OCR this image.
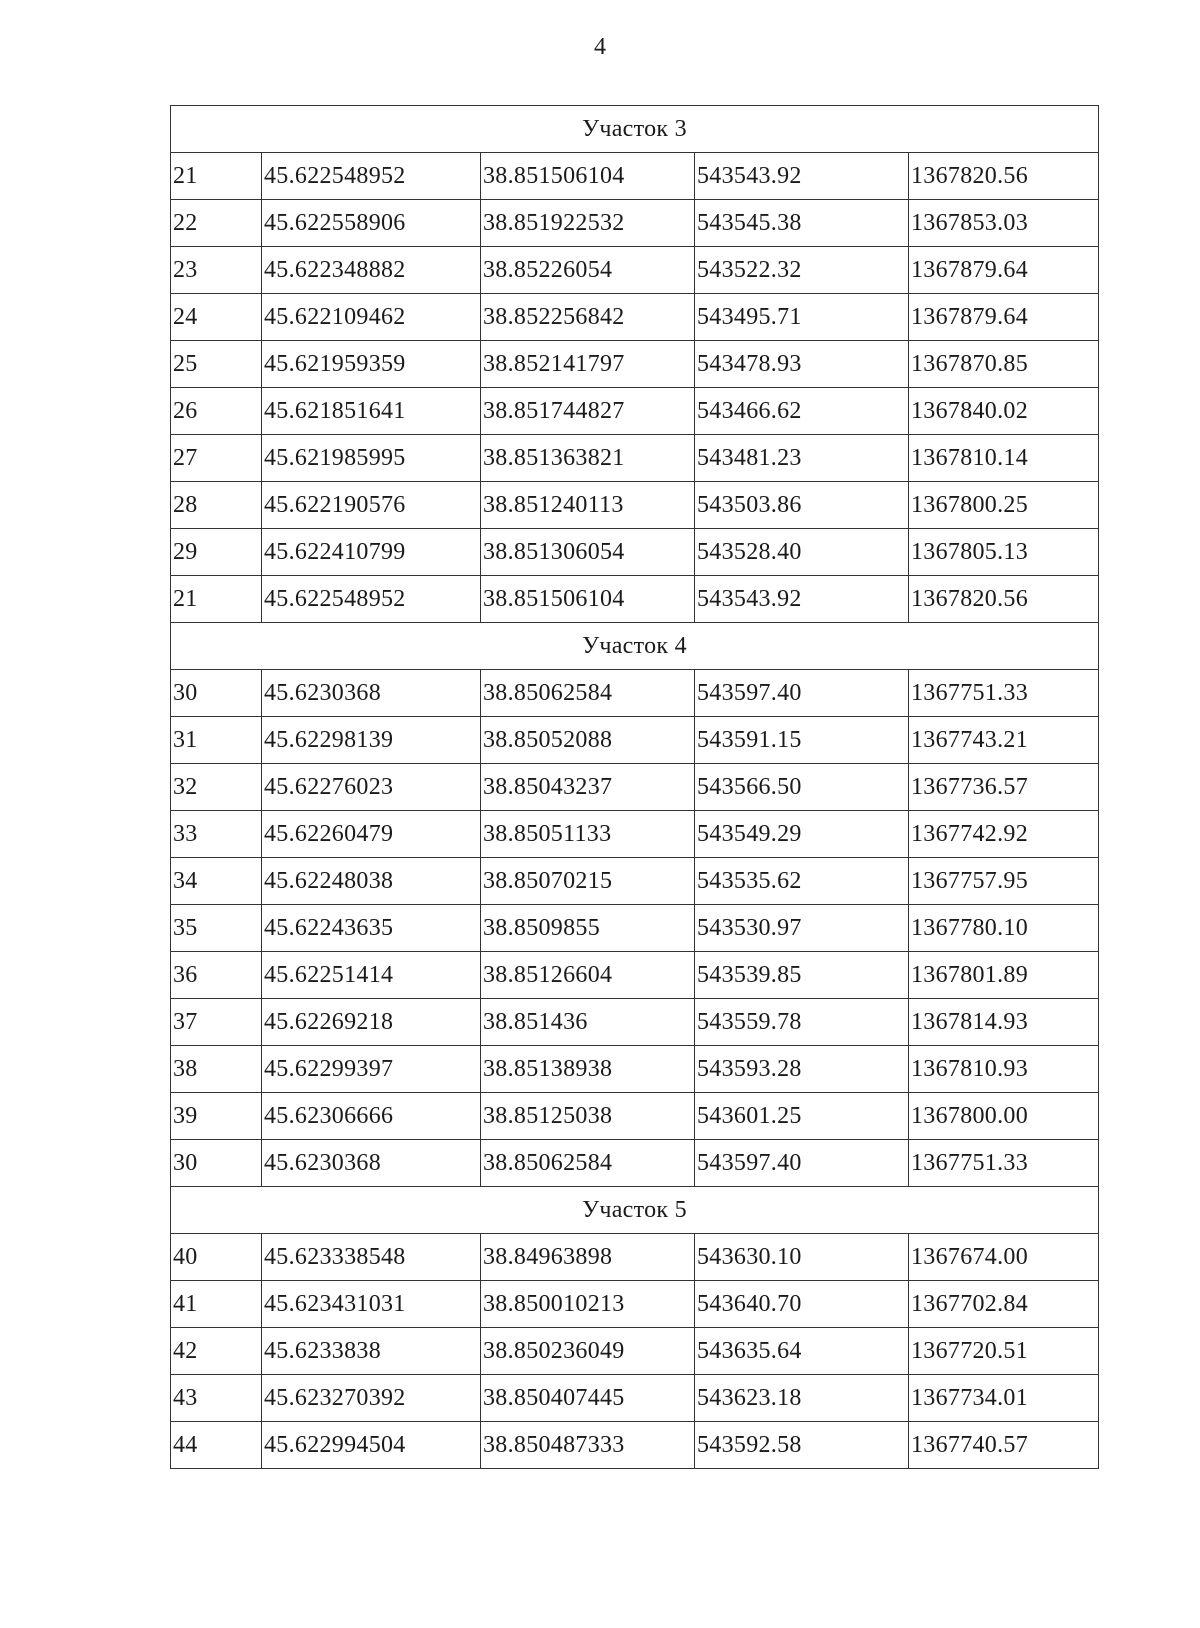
4
Участок 3				
21	45.622548952	38.851506104	543543.92	1367820.56
22	45.622558906	38.851922532	543545.38	1367853.03
23	45.622348882	38.85226054	543522.32	1367879.64
24	45.622109462	38.852256842	543495.71	1367879.64
25	45.621959359	38.852141797	543478.93	1367870.85
26	45.621851641	38.851744827	543466.62	1367840.02
27	45.621985995	38.851363821	543481.23	1367810.14
28	45.622190576	38.851240113	543503.86	1367800.25
29	45.622410799	38.851306054	543528.40	1367805.13
21	45.622548952	38.851506104	543543.92	1367820.56
Участок 4				
30	45.6230368	38.85062584	543597.40	1367751.33
31	45.62298139	38.85052088	543591.15	1367743.21
32	45.62276023	38.85043237	543566.50	1367736.57
33	45.62260479	38.85051133	543549.29	1367742.92
34	45.62248038	38.85070215	543535.62	1367757.95
35	45.62243635	38.8509855	543530.97	1367780.10
36	45.62251414	38.85126604	543539.85	1367801.89
37	45.62269218	38.851436	543559.78	1367814.93
38	45.62299397	38.85138938	543593.28	1367810.93
39	45.62306666	38.85125038	543601.25	1367800.00
30	45.6230368	38.85062584	543597.40	1367751.33
Участок 5				
40	45.623338548	38.84963898	543630.10	1367674.00
41	45.623431031	38.850010213	543640.70	1367702.84
42	45.6233838	38.850236049	543635.64	1367720.51
43	45.623270392	38.850407445	543623.18	1367734.01
44	45.622994504	38.850487333	543592.58	1367740.57
